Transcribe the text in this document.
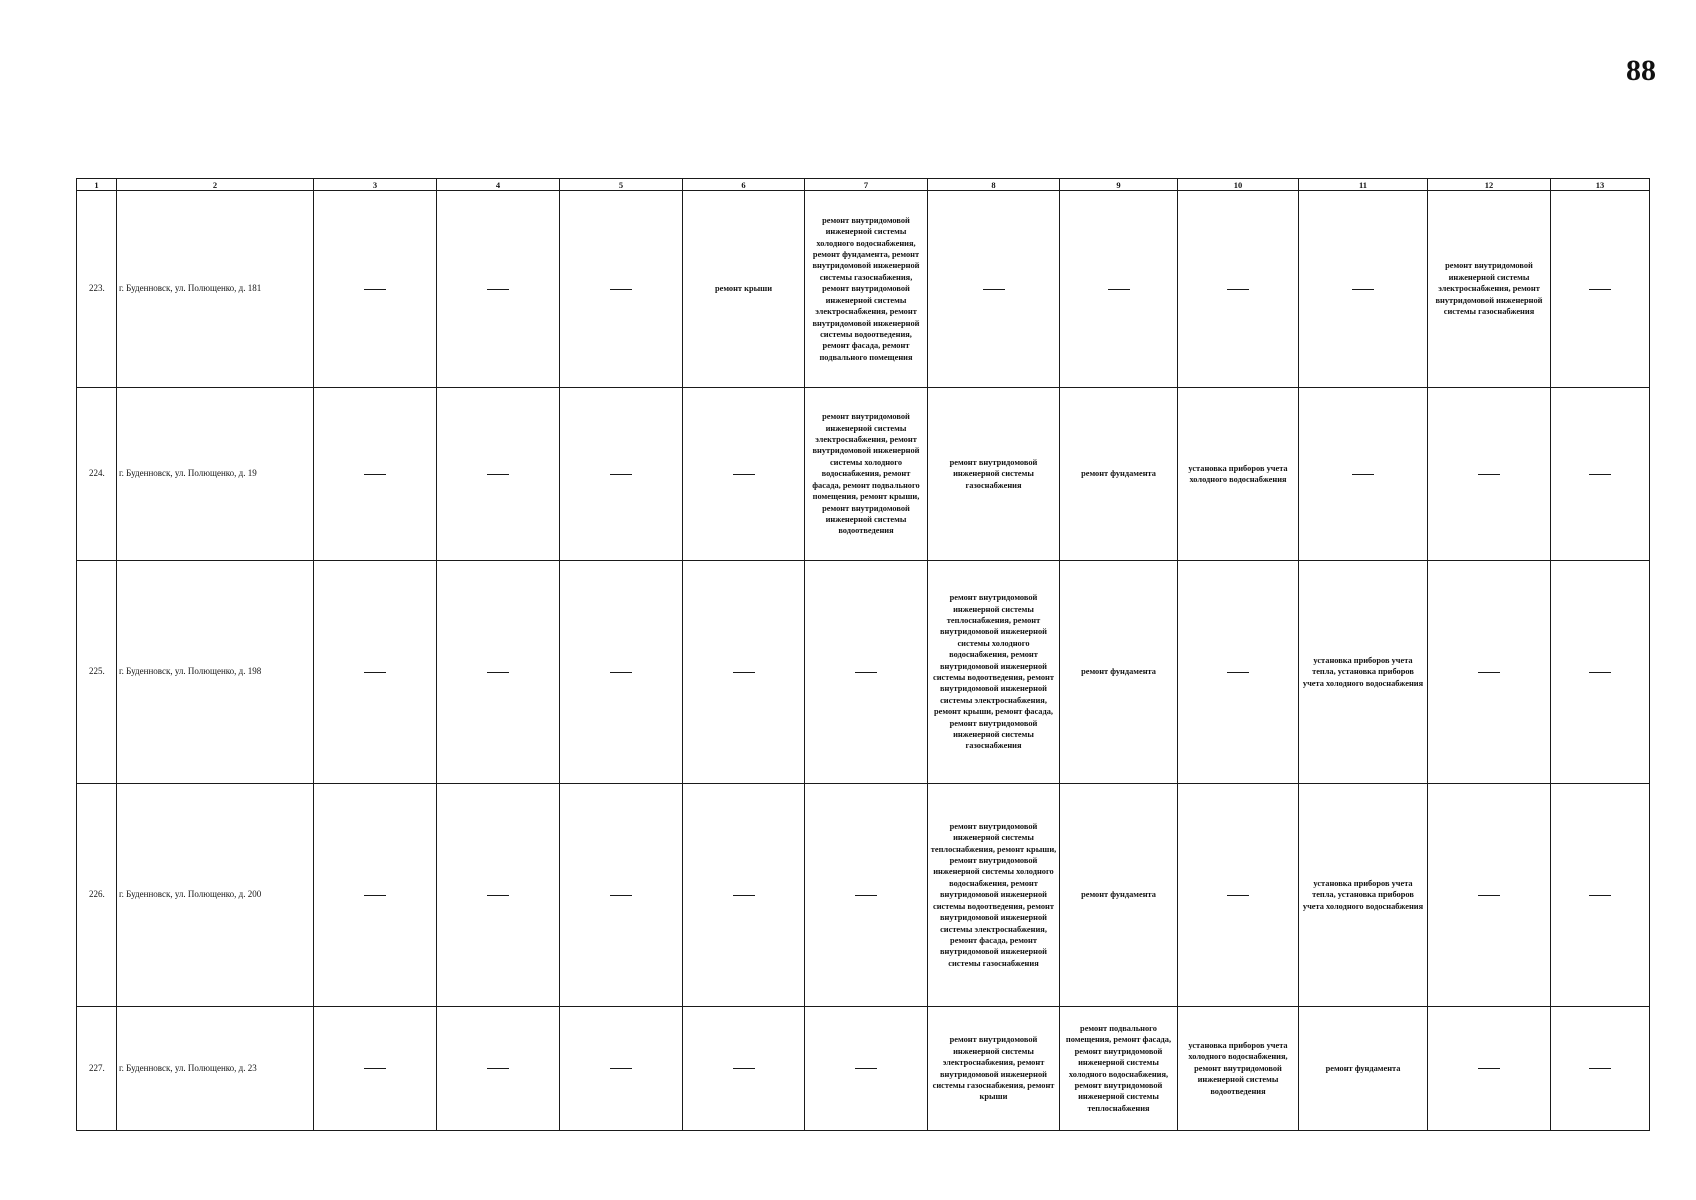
88
1	2	3	4	5	6	7	8	9	10	11	12	13
223.	г. Буденновск, ул. Полющенко, д. 181				ремонт крыши	ремонт внутридомовой инженерной системы холодного водоснабжения, ремонт фундамента, ремонт внутридомовой инженерной системы газоснабжения, ремонт внутридомовой инженерной системы электроснабжения, ремонт внутридомовой инженерной системы водоотведения, ремонт фасада, ремонт подвального помещения					ремонт внутридомовой инженерной системы электроснабжения, ремонт внутридомовой инженерной системы газоснабжения	
224.	г. Буденновск, ул. Полющенко, д. 19					ремонт внутридомовой инженерной системы электроснабжения, ремонт внутридомовой инженерной системы холодного водоснабжения, ремонт фасада, ремонт подвального помещения, ремонт крыши, ремонт внутридомовой инженерной системы водоотведения	ремонт внутридомовой инженерной системы газоснабжения	ремонт фундамента	установка приборов учета холодного водоснабжения			
225.	г. Буденновск, ул. Полющенко, д. 198						ремонт внутридомовой инженерной системы теплоснабжения, ремонт внутридомовой инженерной системы холодного водоснабжения, ремонт внутридомовой инженерной системы водоотведения, ремонт внутридомовой инженерной системы электроснабжения, ремонт крыши, ремонт фасада, ремонт внутридомовой инженерной системы газоснабжения	ремонт фундамента		установка приборов учета тепла, установка приборов учета холодного водоснабжения		
226.	г. Буденновск, ул. Полющенко, д. 200						ремонт внутридомовой инженерной системы теплоснабжения, ремонт крыши, ремонт внутридомовой инженерной системы холодного водоснабжения, ремонт внутридомовой инженерной системы водоотведения, ремонт внутридомовой инженерной системы электроснабжения, ремонт фасада, ремонт внутридомовой инженерной системы газоснабжения	ремонт фундамента		установка приборов учета тепла, установка приборов учета холодного водоснабжения		
227.	г. Буденновск, ул. Полющенко, д. 23						ремонт внутридомовой инженерной системы электроснабжения, ремонт внутридомовой инженерной системы газоснабжения, ремонт крыши	ремонт подвального помещения, ремонт фасада, ремонт внутридомовой инженерной системы холодного водоснабжения, ремонт внутридомовой инженерной системы теплоснабжения	установка приборов учета холодного водоснабжения, ремонт внутридомовой инженерной системы водоотведения	ремонт фундамента		
